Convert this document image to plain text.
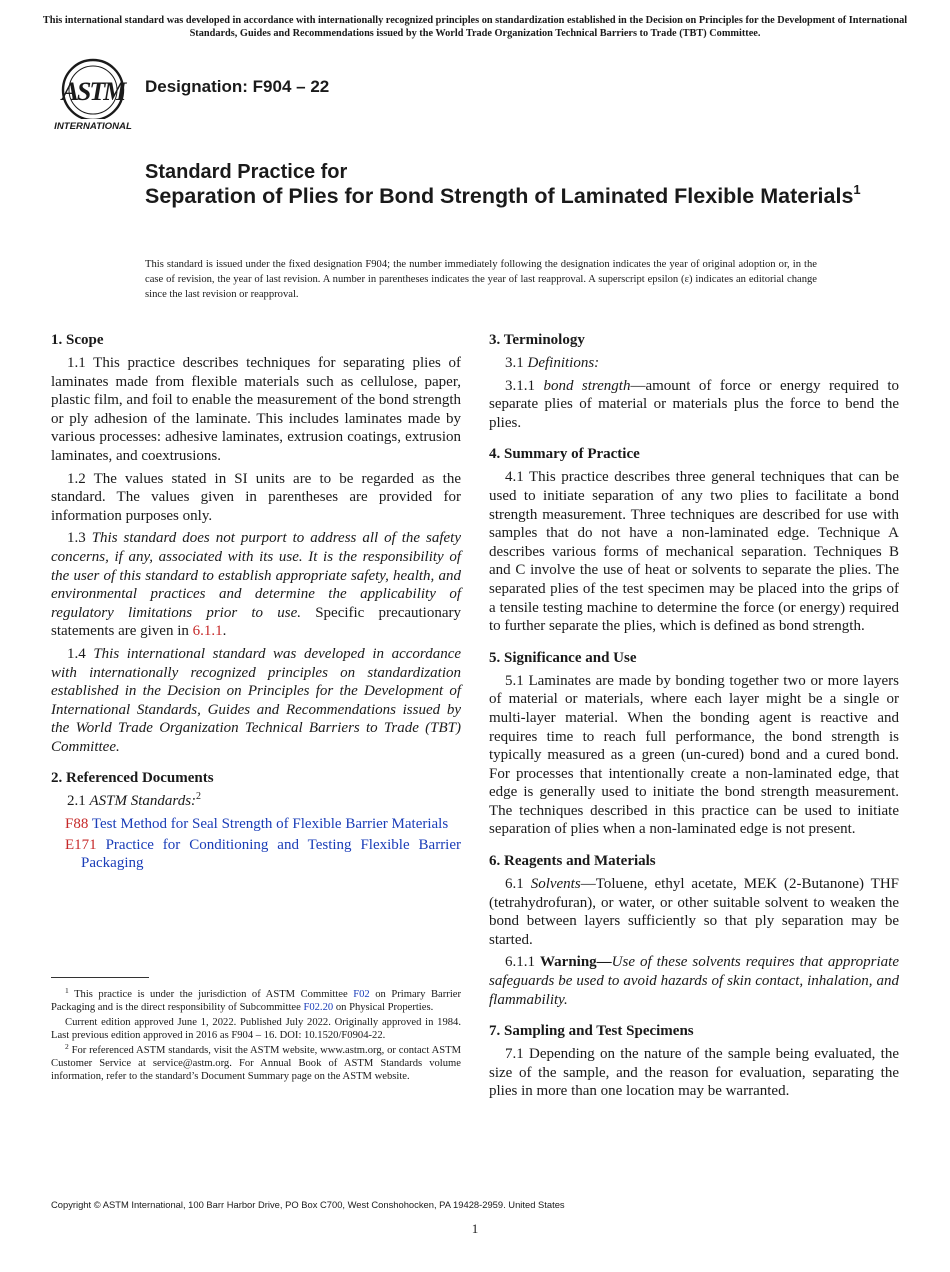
This international standard was developed in accordance with internationally recognized principles on standardization established in the Decision on Principles for the Development of International Standards, Guides and Recommendations issued by the World Trade Organization Technical Barriers to Trade (TBT) Committee.
ASTM
INTERNATIONAL
Designation: F904 – 22
Standard Practice for
Separation of Plies for Bond Strength of Laminated Flexible Materials$^1$
This standard is issued under the fixed designation F904; the number immediately following the designation indicates the year of original adoption or, in the case of revision, the year of last revision. A number in parentheses indicates the year of last reapproval. A superscript epsilon (ε) indicates an editorial change since the last revision or reapproval.
1. Scope

1.1 This practice describes techniques for separating plies of laminates made from flexible materials such as cellulose, paper, plastic film, and foil to enable the measurement of the bond strength or ply adhesion of the laminate. This includes laminates made by various processes: adhesive laminates, extrusion coatings, extrusion laminates, and coextrusions.

1.2 The values stated in SI units are to be regarded as the standard. The values given in parentheses are provided for information purposes only.

1.3 This standard does not purport to address all of the safety concerns, if any, associated with its use. It is the responsibility of the user of this standard to establish appropriate safety, health, and environmental practices and determine the applicability of regulatory limitations prior to use. Specific precautionary statements are given in 6.1.1.

1.4 This international standard was developed in accordance with internationally recognized principles on standardization established in the Decision on Principles for the Development of International Standards, Guides and Recommendations issued by the World Trade Organization Technical Barriers to Trade (TBT) Committee.

2. Referenced Documents

2.1 ASTM Standards:$^2$

F88 Test Method for Seal Strength of Flexible Barrier Materials

E171 Practice for Conditioning and Testing Flexible Barrier Packaging

3. Terminology

3.1 Definitions:

3.1.1 bond strength—amount of force or energy required to separate plies of material or materials plus the force to bend the plies.

4. Summary of Practice

4.1 This practice describes three general techniques that can be used to initiate separation of any two plies to facilitate a bond strength measurement. Three techniques are described for use with samples that do not have a non-laminated edge. Technique A describes various forms of mechanical separation. Techniques B and C involve the use of heat or solvents to separate the plies. The separated plies of the test specimen may be placed into the grips of a tensile testing machine to determine the force (or energy) required to further separate the plies, which is defined as bond strength.

5. Significance and Use

5.1 Laminates are made by bonding together two or more layers of material or materials, where each layer might be a single or multi-layer material. When the bonding agent is reactive and requires time to reach full performance, the bond strength is typically measured as a green (un-cured) bond and a cured bond. For processes that intentionally create a non-laminated edge, that edge is generally used to initiate the bond strength measurement. The techniques described in this practice can be used to initiate separation of plies when a non-laminated edge is not present.

6. Reagents and Materials

6.1 Solvents—Toluene, ethyl acetate, MEK (2-Butanone) THF (tetrahydrofuran), or water, or other suitable solvent to weaken the bond between layers sufficiently so that ply separation may be started.

6.1.1 Warning—Use of these solvents requires that appropriate safeguards be used to avoid hazards of skin contact, inhalation, and flammability.

7. Sampling and Test Specimens

7.1 Depending on the nature of the sample being evaluated, the size of the sample, and the reason for evaluation, separating the plies in more than one location may be warranted.

$^1$ This practice is under the jurisdiction of ASTM Committee F02 on Primary Barrier Packaging and is the direct responsibility of Subcommittee F02.20 on Physical Properties.

Current edition approved June 1, 2022. Published July 2022. Originally approved in 1984. Last previous edition approved in 2016 as F904 – 16. DOI: 10.1520/F0904-22.

$^2$ For referenced ASTM standards, visit the ASTM website, www.astm.org, or contact ASTM Customer Service at service@astm.org. For Annual Book of ASTM Standards volume information, refer to the standard’s Document Summary page on the ASTM website.

Copyright © ASTM International, 100 Barr Harbor Drive, PO Box C700, West Conshohocken, PA 19428-2959. United States
1
